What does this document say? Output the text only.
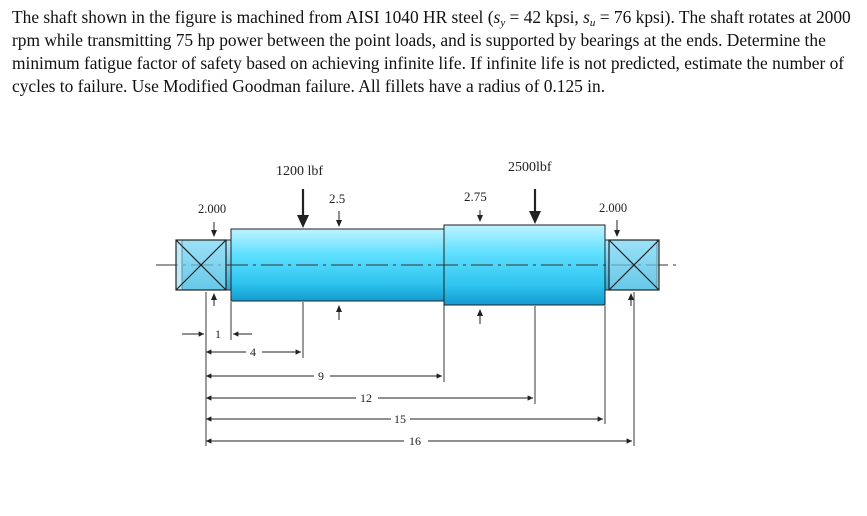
The shaft shown in the figure is machined from AISI 1040 HR steel ($s_y = 42$ kpsi, $s_u = 76$ kpsi). The shaft rotates at 2000 rpm while transmitting 75 hp power between the point loads, and is supported by bearings at the ends. Determine the minimum fatigue factor of safety based on achieving infinite life. If infinite life is not predicted, estimate the number of cycles to failure. Use Modified Goodman failure. All fillets have a radius of 0.125 in.

1200 lbf	2500lbf
2.000
2.5	2.75
2.000
1
4
9
12
15
16
